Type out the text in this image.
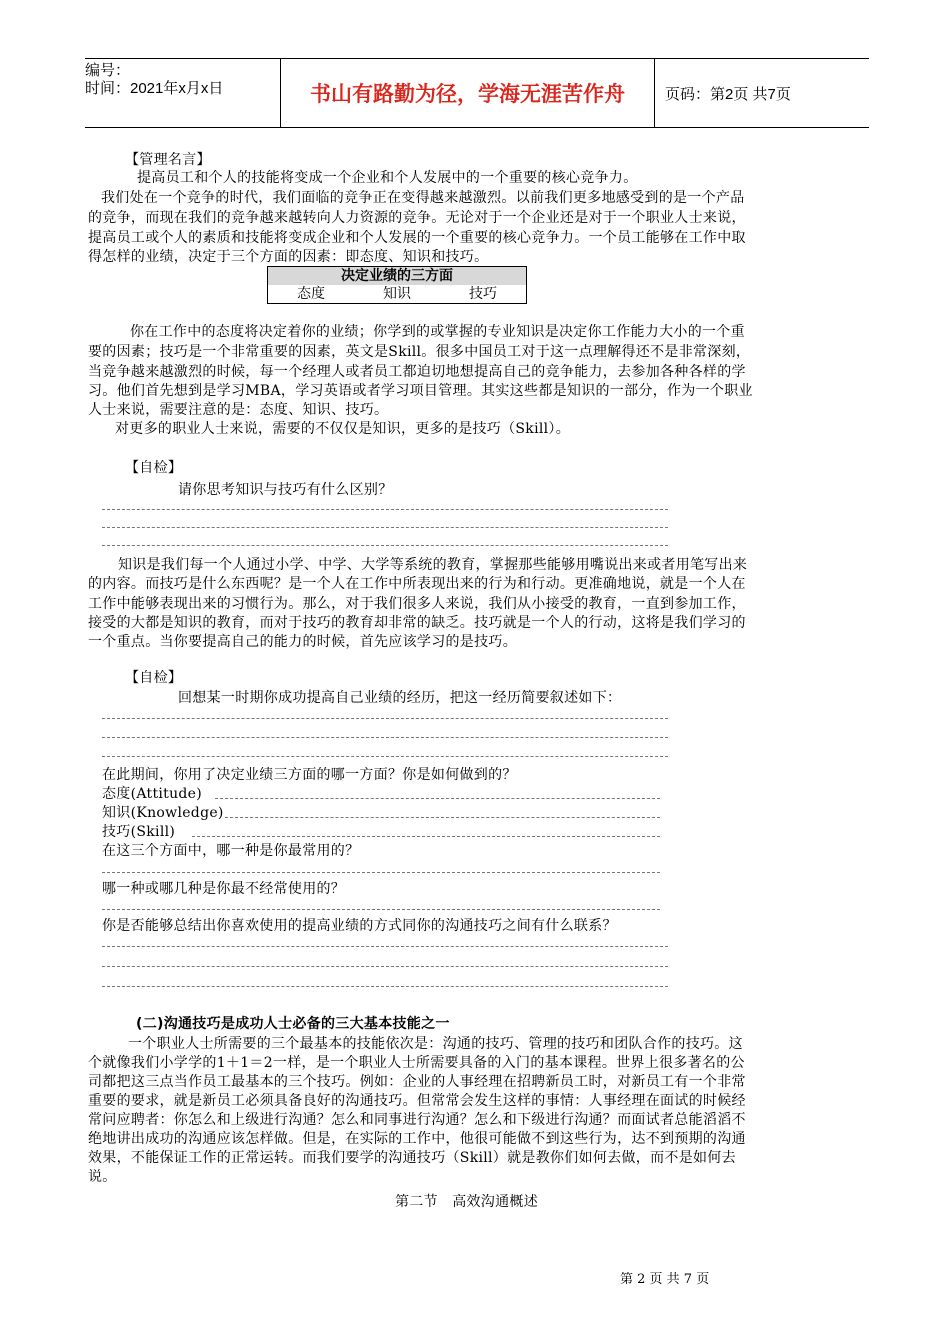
编号：
时间：2021年x月x日	书山有路勤为径，学海无涯苦作舟	页码：第2页 共7页
【管理名言】
提高员工和个人的技能将变成一个企业和个人发展中的一个重要的核心竞争力。
我们处在一个竞争的时代，我们面临的竞争正在变得越来越激烈。以前我们更多地感受到的是一个产品
的竞争，而现在我们的竞争越来越转向人力资源的竞争。无论对于一个企业还是对于一个职业人士来说，
提高员工或个人的素质和技能将变成企业和个人发展的一个重要的核心竞争力。一个员工能够在工作中取
得怎样的业绩，决定于三个方面的因素：即态度、知识和技巧。
决定业绩的三方面
态度	知识	技巧
你在工作中的态度将决定着你的业绩；你学到的或掌握的专业知识是决定你工作能力大小的一个重
要的因素；技巧是一个非常重要的因素，英文是Skill。很多中国员工对于这一点理解得还不是非常深刻，
当竞争越来越激烈的时候，每一个经理人或者员工都迫切地想提高自己的竞争能力，去参加各种各样的学
习。他们首先想到是学习MBA，学习英语或者学习项目管理。其实这些都是知识的一部分，作为一个职业
人士来说，需要注意的是：态度、知识、技巧。
对更多的职业人士来说，需要的不仅仅是知识，更多的是技巧（Skill）。
【自检】
请你思考知识与技巧有什么区别？
知识是我们每一个人通过小学、中学、大学等系统的教育，掌握那些能够用嘴说出来或者用笔写出来
的内容。而技巧是什么东西呢？是一个人在工作中所表现出来的行为和行动。更准确地说，就是一个人在
工作中能够表现出来的习惯行为。那么，对于我们很多人来说，我们从小接受的教育，一直到参加工作，
接受的大都是知识的教育，而对于技巧的教育却非常的缺乏。技巧就是一个人的行动，这将是我们学习的
一个重点。当你要提高自己的能力的时候，首先应该学习的是技巧。
【自检】
回想某一时期你成功提高自己业绩的经历，把这一经历简要叙述如下：
在此期间，你用了决定业绩三方面的哪一方面？你是如何做到的？
态度(Attitude)
知识(Knowledge)
技巧(Skill)
在这三个方面中，哪一种是你最常用的？
哪一种或哪几种是你最不经常使用的？
你是否能够总结出你喜欢使用的提高业绩的方式同你的沟通技巧之间有什么联系？
(二)沟通技巧是成功人士必备的三大基本技能之一
一个职业人士所需要的三个最基本的技能依次是：沟通的技巧、管理的技巧和团队合作的技巧。这
个就像我们小学学的1＋1＝2一样，是一个职业人士所需要具备的入门的基本课程。世界上很多著名的公
司都把这三点当作员工最基本的三个技巧。例如：企业的人事经理在招聘新员工时，对新员工有一个非常
重要的要求，就是新员工必须具备良好的沟通技巧。但常常会发生这样的事情：人事经理在面试的时候经
常问应聘者：你怎么和上级进行沟通？怎么和同事进行沟通？怎么和下级进行沟通？而面试者总能滔滔不
绝地讲出成功的沟通应该怎样做。但是，在实际的工作中，他很可能做不到这些行为，达不到预期的沟通
效果，不能保证工作的正常运转。而我们要学的沟通技巧（Skill）就是教你们如何去做，而不是如何去
说。
第二节　高效沟通概述
第 2 页 共 7 页
